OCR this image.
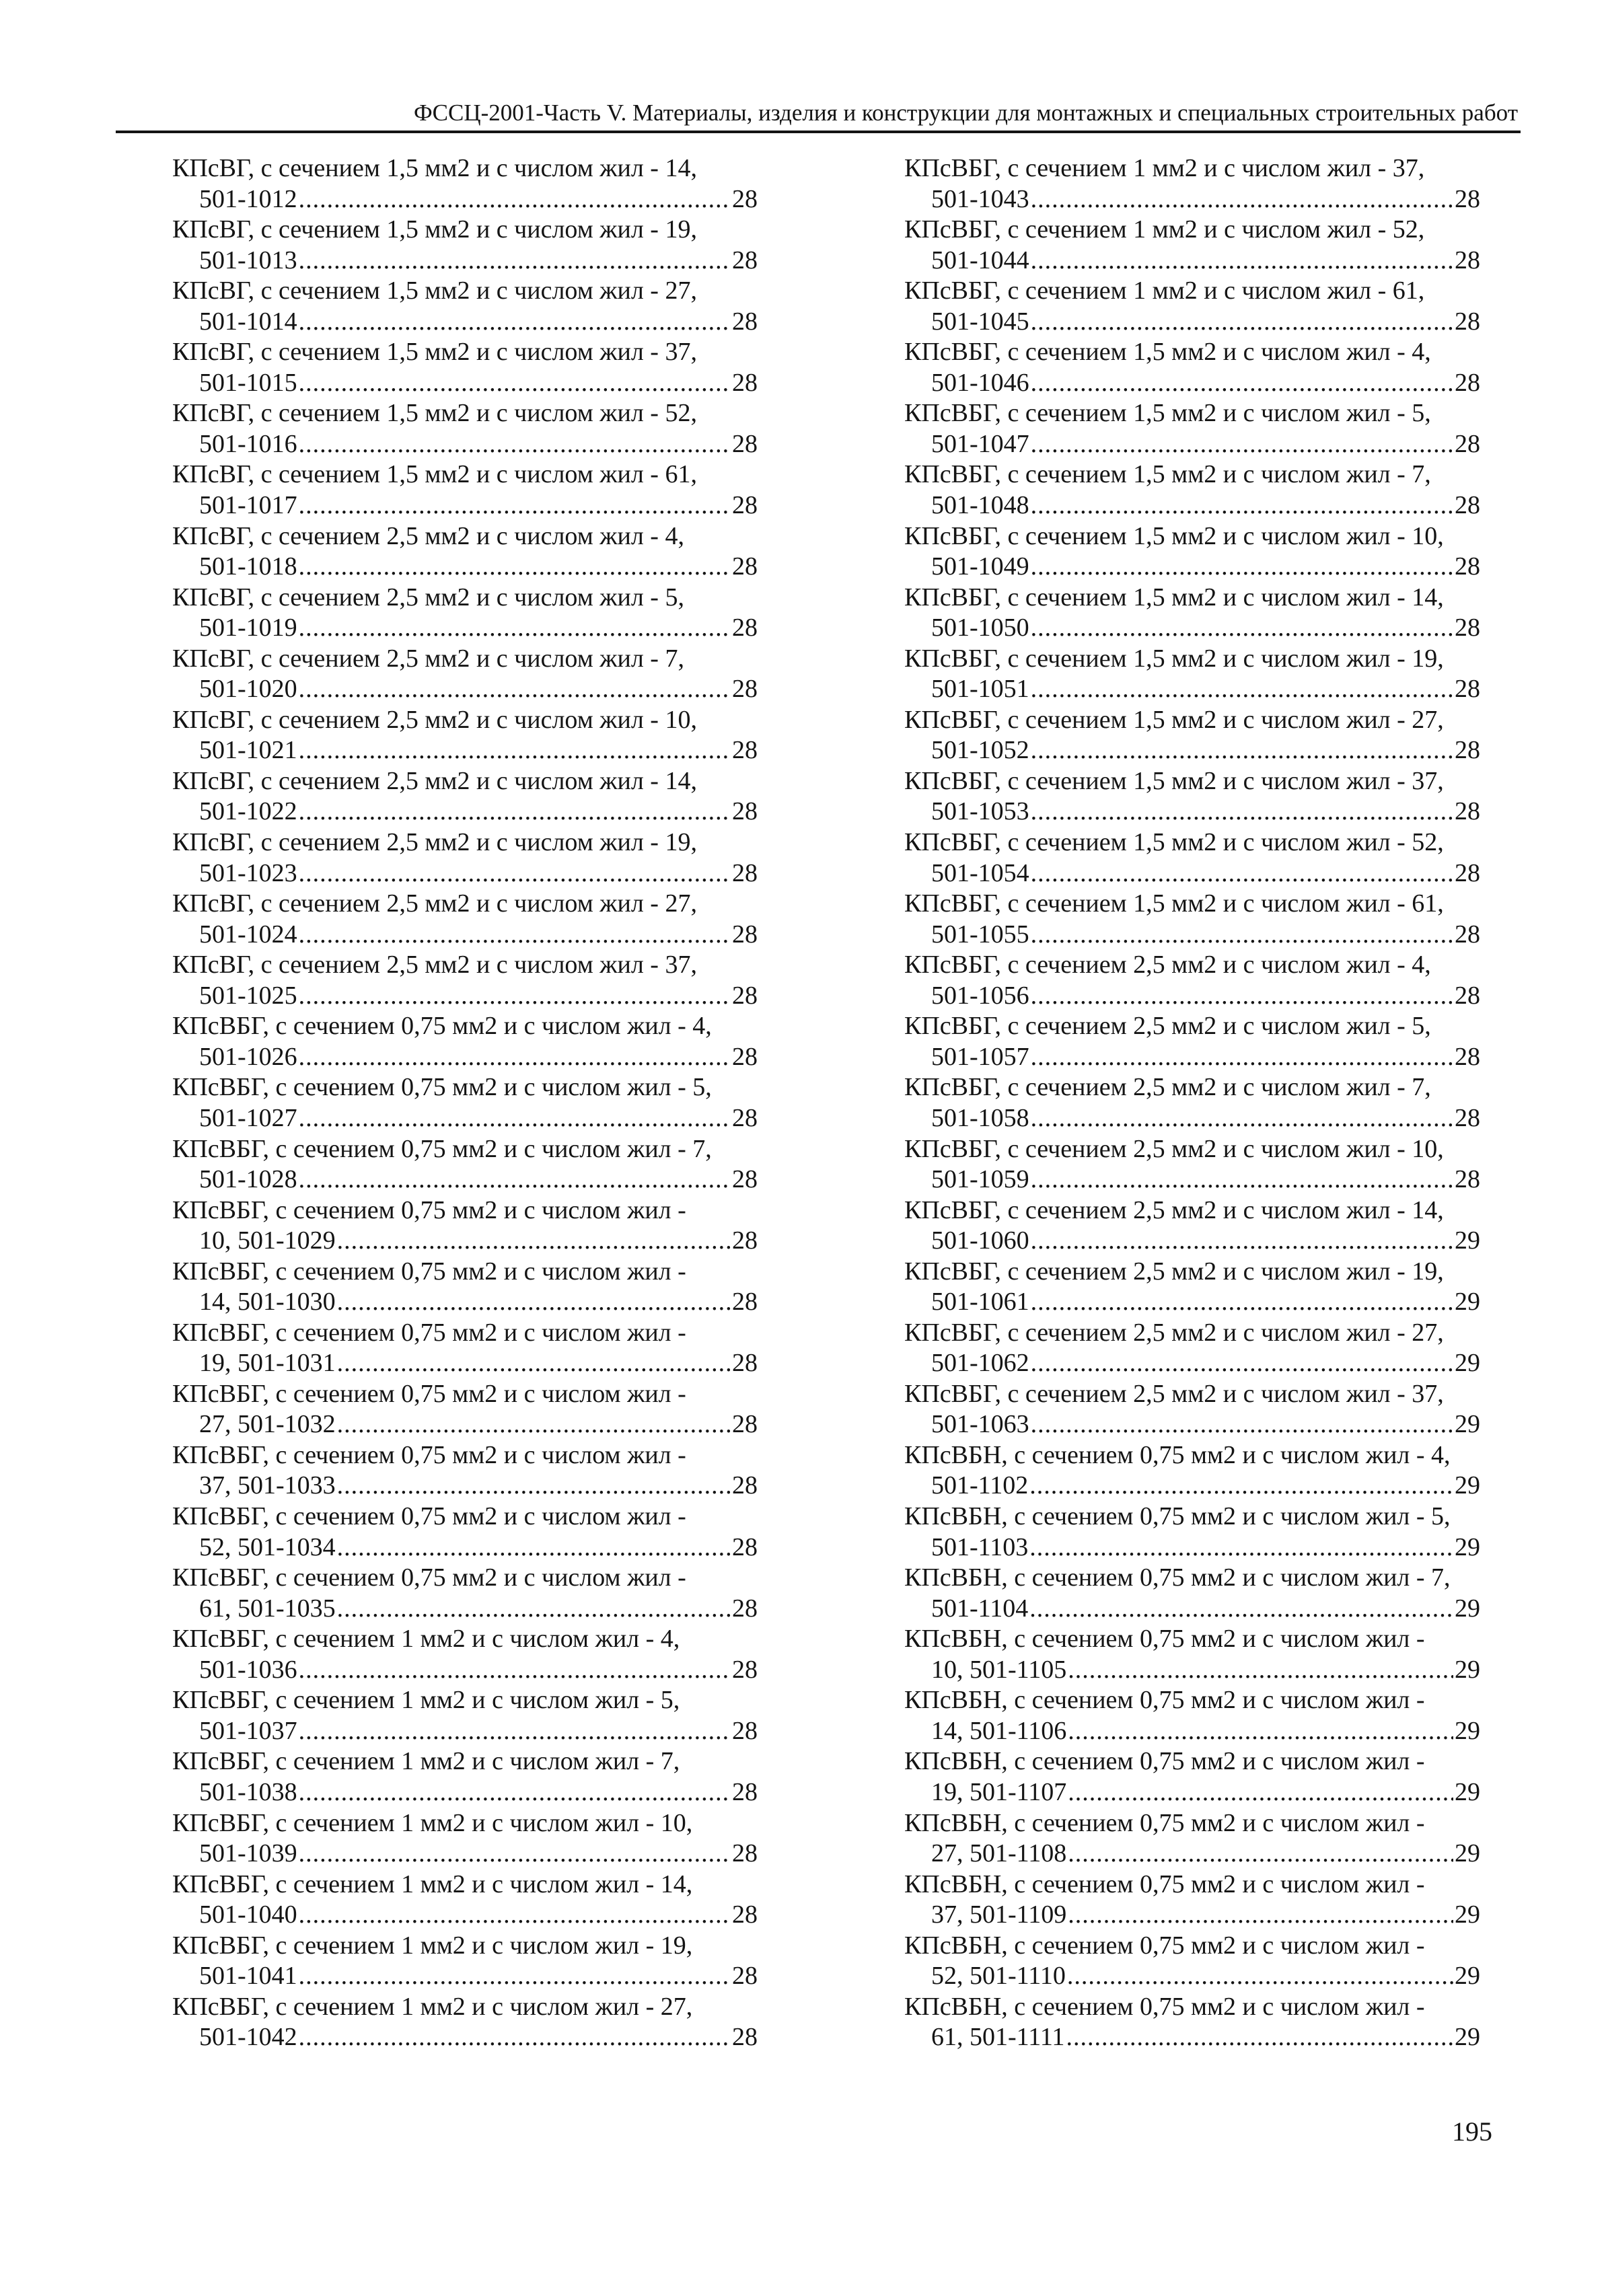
ФССЦ-2001-Часть V. Материалы, изделия и конструкции для монтажных и специальных строительных работ
КПсВГ, с сечением 1,5 мм2 и с числом жил - 14,
501-1012 .....	28
КПсВГ, с сечением 1,5 мм2 и с числом жил - 19,
501-1013 .....	28
КПсВГ, с сечением 1,5 мм2 и с числом жил - 27,
501-1014 .....	28
КПсВГ, с сечением 1,5 мм2 и с числом жил - 37,
501-1015 .....	28
КПсВГ, с сечением 1,5 мм2 и с числом жил - 52,
501-1016 .....	28
КПсВГ, с сечением 1,5 мм2 и с числом жил - 61,
501-1017 .....	28
КПсВГ, с сечением 2,5 мм2 и с числом жил - 4,
501-1018 .....	28
КПсВГ, с сечением 2,5 мм2 и с числом жил - 5,
501-1019 .....	28
КПсВГ, с сечением 2,5 мм2 и с числом жил - 7,
501-1020 .....	28
КПсВГ, с сечением 2,5 мм2 и с числом жил - 10,
501-1021 .....	28
КПсВГ, с сечением 2,5 мм2 и с числом жил - 14,
501-1022 .....	28
КПсВГ, с сечением 2,5 мм2 и с числом жил - 19,
501-1023 .....	28
КПсВГ, с сечением 2,5 мм2 и с числом жил - 27,
501-1024 .....	28
КПсВГ, с сечением 2,5 мм2 и с числом жил - 37,
501-1025 .....	28
КПсВБГ, с сечением 0,75 мм2 и с числом жил - 4,
501-1026 .....	28
КПсВБГ, с сечением 0,75 мм2 и с числом жил - 5,
501-1027 .....	28
КПсВБГ, с сечением 0,75 мм2 и с числом жил - 7,
501-1028 .....	28
КПсВБГ, с сечением 0,75 мм2 и с числом жил -
10, 501-1029 .....	28
КПсВБГ, с сечением 0,75 мм2 и с числом жил -
14, 501-1030 .....	28
КПсВБГ, с сечением 0,75 мм2 и с числом жил -
19, 501-1031 .....	28
КПсВБГ, с сечением 0,75 мм2 и с числом жил -
27, 501-1032 .....	28
КПсВБГ, с сечением 0,75 мм2 и с числом жил -
37, 501-1033 .....	28
КПсВБГ, с сечением 0,75 мм2 и с числом жил -
52, 501-1034 .....	28
КПсВБГ, с сечением 0,75 мм2 и с числом жил -
61, 501-1035 .....	28
КПсВБГ, с сечением 1 мм2 и с числом жил - 4,
501-1036 .....	28
КПсВБГ, с сечением 1 мм2 и с числом жил - 5,
501-1037 .....	28
КПсВБГ, с сечением 1 мм2 и с числом жил - 7,
501-1038 .....	28
КПсВБГ, с сечением 1 мм2 и с числом жил - 10,
501-1039 .....	28
КПсВБГ, с сечением 1 мм2 и с числом жил - 14,
501-1040 .....	28
КПсВБГ, с сечением 1 мм2 и с числом жил - 19,
501-1041 .....	28
КПсВБГ, с сечением 1 мм2 и с числом жил - 27,
501-1042 .....	28
КПсВБГ, с сечением 1 мм2 и с числом жил - 37,
501-1043 .....	28
КПсВБГ, с сечением 1 мм2 и с числом жил - 52,
501-1044 .....	28
КПсВБГ, с сечением 1 мм2 и с числом жил - 61,
501-1045 .....	28
КПсВБГ, с сечением 1,5 мм2 и с числом жил - 4,
501-1046 .....	28
КПсВБГ, с сечением 1,5 мм2 и с числом жил - 5,
501-1047 .....	28
КПсВБГ, с сечением 1,5 мм2 и с числом жил - 7,
501-1048 .....	28
КПсВБГ, с сечением 1,5 мм2 и с числом жил - 10,
501-1049 .....	28
КПсВБГ, с сечением 1,5 мм2 и с числом жил - 14,
501-1050 .....	28
КПсВБГ, с сечением 1,5 мм2 и с числом жил - 19,
501-1051 .....	28
КПсВБГ, с сечением 1,5 мм2 и с числом жил - 27,
501-1052 .....	28
КПсВБГ, с сечением 1,5 мм2 и с числом жил - 37,
501-1053 .....	28
КПсВБГ, с сечением 1,5 мм2 и с числом жил - 52,
501-1054 .....	28
КПсВБГ, с сечением 1,5 мм2 и с числом жил - 61,
501-1055 .....	28
КПсВБГ, с сечением 2,5 мм2 и с числом жил - 4,
501-1056 .....	28
КПсВБГ, с сечением 2,5 мм2 и с числом жил - 5,
501-1057 .....	28
КПсВБГ, с сечением 2,5 мм2 и с числом жил - 7,
501-1058 .....	28
КПсВБГ, с сечением 2,5 мм2 и с числом жил - 10,
501-1059 .....	28
КПсВБГ, с сечением 2,5 мм2 и с числом жил - 14,
501-1060 .....	29
КПсВБГ, с сечением 2,5 мм2 и с числом жил - 19,
501-1061 .....	29
КПсВБГ, с сечением 2,5 мм2 и с числом жил - 27,
501-1062 .....	29
КПсВБГ, с сечением 2,5 мм2 и с числом жил - 37,
501-1063 .....	29
КПсВБН, с сечением 0,75 мм2 и с числом жил - 4,
501-1102 .....	29
КПсВБН, с сечением 0,75 мм2 и с числом жил - 5,
501-1103 .....	29
КПсВБН, с сечением 0,75 мм2 и с числом жил - 7,
501-1104 .....	29
КПсВБН, с сечением 0,75 мм2 и с числом жил -
10, 501-1105 .....	29
КПсВБН, с сечением 0,75 мм2 и с числом жил -
14, 501-1106 .....	29
КПсВБН, с сечением 0,75 мм2 и с числом жил -
19, 501-1107 .....	29
КПсВБН, с сечением 0,75 мм2 и с числом жил -
27, 501-1108 .....	29
КПсВБН, с сечением 0,75 мм2 и с числом жил -
37, 501-1109 .....	29
КПсВБН, с сечением 0,75 мм2 и с числом жил -
52, 501-1110 .....	29
КПсВБН, с сечением 0,75 мм2 и с числом жил -
61, 501-1111 .....	29
195
